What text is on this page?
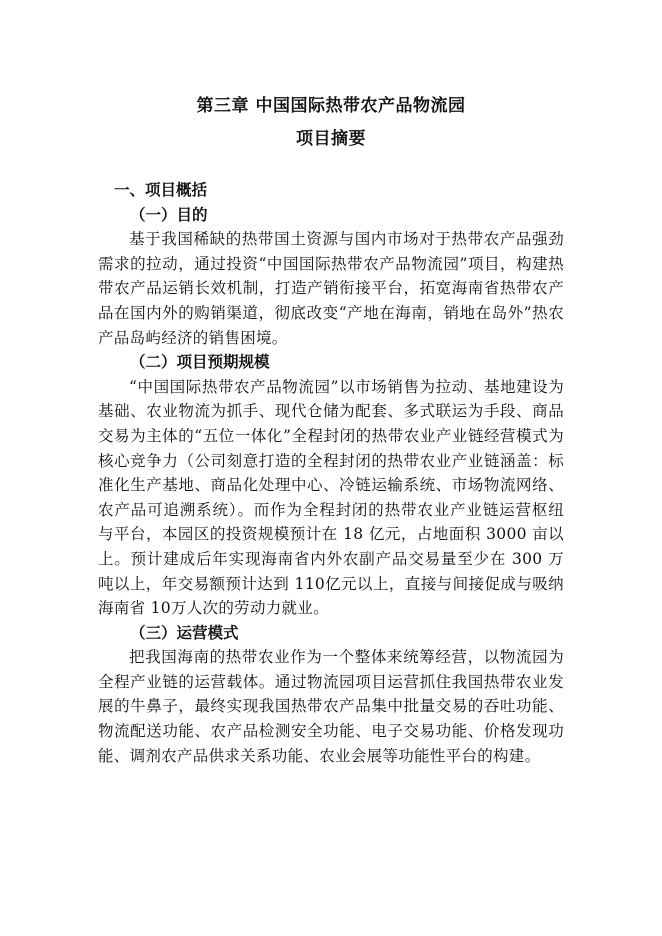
第三章 中国国际热带农产品物流园
项目摘要

一、项目概括

（一）目的

基于我国稀缺的热带国土资源与国内市场对于热带农产品强劲需求的拉动，通过投资“中国国际热带农产品物流园”项目，构建热带农产品运销长效机制，打造产销衔接平台，拓宽海南省热带农产品在国内外的购销渠道，彻底改变“产地在海南，销地在岛外”热农产品岛屿经济的销售困境。

（二）项目预期规模

“中国国际热带农产品物流园”以市场销售为拉动、基地建设为基础、农业物流为抓手、现代仓储为配套、多式联运为手段、商品交易为主体的“五位一体化”全程封闭的热带农业产业链经营模式为核心竞争力（公司刻意打造的全程封闭的热带农业产业链涵盖：标准化生产基地、商品化处理中心、冷链运输系统、市场物流网络、农产品可追溯系统）。而作为全程封闭的热带农业产业链运营枢纽与平台，本园区的投资规模预计在 18 亿元，占地面积 3000 亩以上。预计建成后年实现海南省内外农副产品交易量至少在 300 万吨以上，年交易额预计达到 110亿元以上，直接与间接促成与吸纳海南省 10万人次的劳动力就业。

（三）运营模式

把我国海南的热带农业作为一个整体来统筹经营，以物流园为全程产业链的运营载体。通过物流园项目运营抓住我国热带农业发展的牛鼻子，最终实现我国热带农产品集中批量交易的吞吐功能、物流配送功能、农产品检测安全功能、电子交易功能、价格发现功能、调剂农产品供求关系功能、农业会展等功能性平台的构建。
